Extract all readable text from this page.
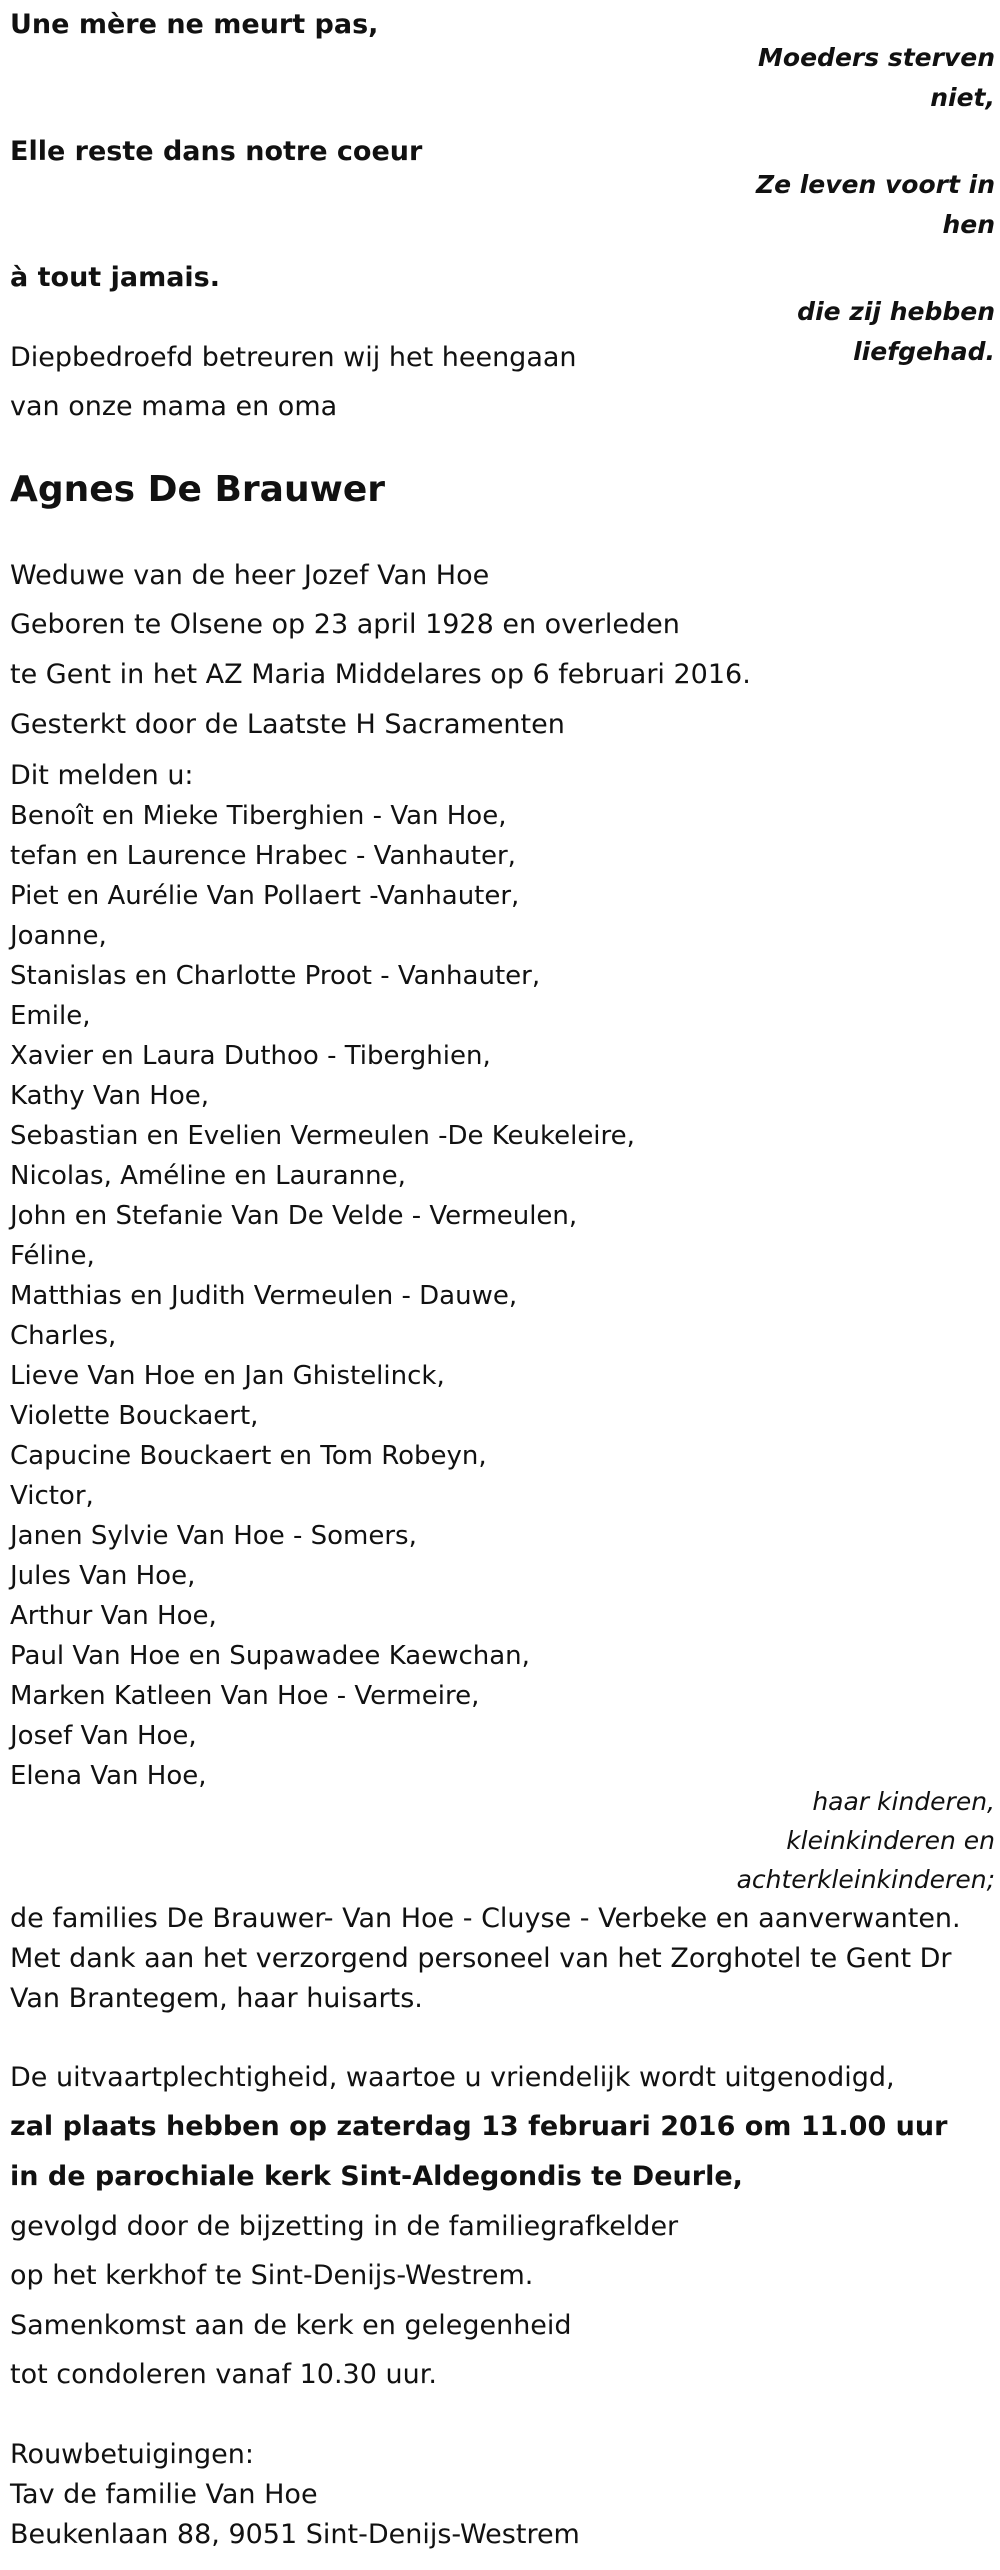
Une mère ne meurt pas,
Elle reste dans notre coeur
à tout jamais.
Moeders sterven
niet,
Ze leven voort in
hen
die zij hebben
liefgehad.
Diepbedroefd betreuren wij het heengaan
van onze mama en oma
Agnes De Brauwer
Weduwe van de heer Jozef Van Hoe
Geboren te Olsene op 23 april 1928 en overleden
te Gent in het AZ Maria Middelares op 6 februari 2016.
Gesterkt door de Laatste H Sacramenten
Dit melden u:
Benoît en Mieke Tiberghien - Van Hoe,
tefan en Laurence Hrabec - Vanhauter,
Piet en Aurélie Van Pollaert -Vanhauter,
Joanne,
Stanislas en Charlotte Proot - Vanhauter,
Emile,
Xavier en Laura Duthoo - Tiberghien,
Kathy Van Hoe,
Sebastian en Evelien Vermeulen -De Keukeleire,
Nicolas, Améline en Lauranne,
John en Stefanie Van De Velde - Vermeulen,
Féline,
Matthias en Judith Vermeulen - Dauwe,
Charles,
Lieve Van Hoe en Jan Ghistelinck,
Violette Bouckaert,
Capucine Bouckaert en Tom Robeyn,
Victor,
Janen Sylvie Van Hoe - Somers,
Jules Van Hoe,
Arthur Van Hoe,
Paul Van Hoe en Supawadee Kaewchan,
Marken Katleen Van Hoe - Vermeire,
Josef Van Hoe,
Elena Van Hoe,
haar kinderen,
kleinkinderen en
achterkleinkinderen;
de families De Brauwer- Van Hoe - Cluyse - Verbeke en aanverwanten.
Met dank aan het verzorgend personeel van het Zorghotel te Gent Dr
Van Brantegem, haar huisarts.
De uitvaartplechtigheid, waartoe u vriendelijk wordt uitgenodigd,
zal plaats hebben op zaterdag 13 februari 2016 om 11.00 uur
in de parochiale kerk Sint-Aldegondis te Deurle,
gevolgd door de bijzetting in de familiegrafkelder
op het kerkhof te Sint-Denijs-Westrem.
Samenkomst aan de kerk en gelegenheid
tot condoleren vanaf 10.30 uur.
Rouwbetuigingen:
Tav de familie Van Hoe
Beukenlaan 88, 9051 Sint-Denijs-Westrem
